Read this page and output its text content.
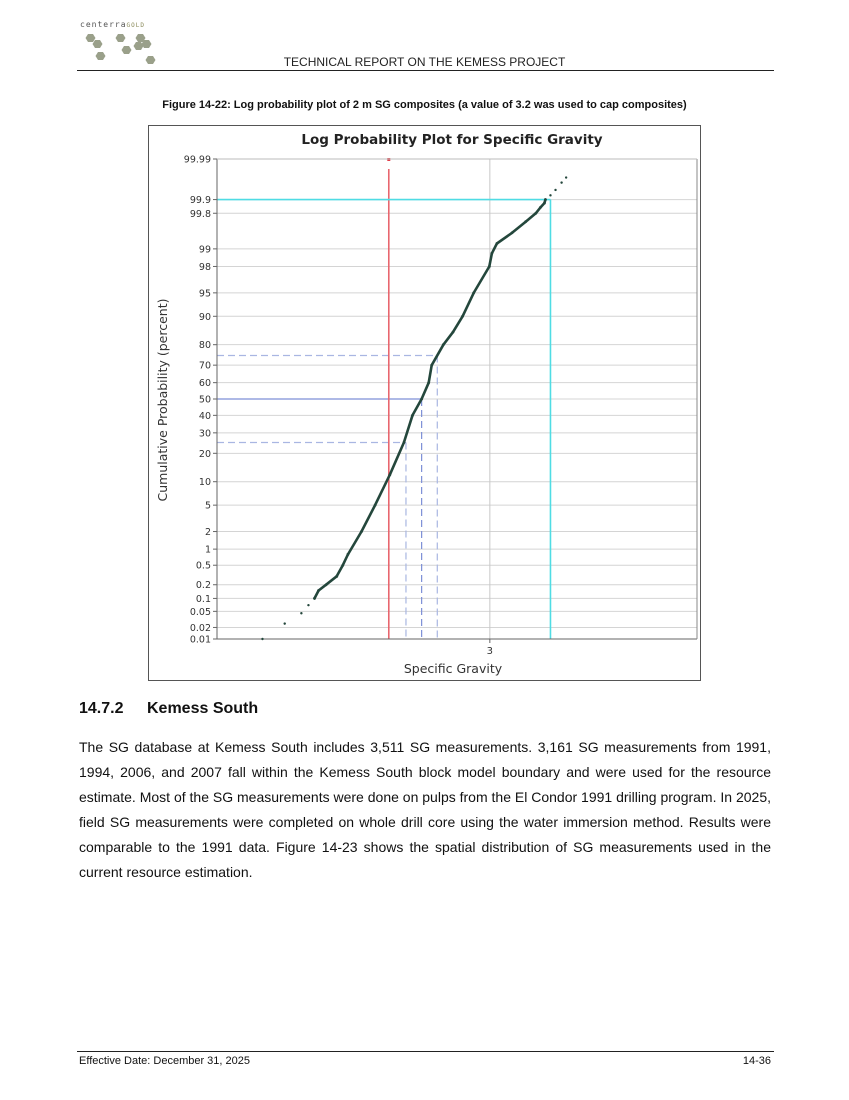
centerraGOLD
TECHNICAL REPORT ON THE KEMESS PROJECT
Figure 14-22: Log probability plot of 2 m SG composites (a value of 3.2 was used to cap composites)
Log Probability Plot for Specific Gravity
Specific Gravity
Cumulative Probability (percent)
0.01
0.02
0.05
0.1
0.2
0.5
1
2
5
10
20
30
40
50
60
70
80
90
95
98
99
99.8
99.9
99.99
3
14.7.2 Kemess South
The SG database at Kemess South includes 3,511 SG measurements. 3,161 SG measurements from 1991, 1994, 2006, and 2007 fall within the Kemess South block model boundary and were used for the resource estimate. Most of the SG measurements were done on pulps from the El Condor 1991 drilling program. In 2025, field SG measurements were completed on whole drill core using the water immersion method. Results were comparable to the 1991 data. Figure 14-23 shows the spatial distribution of SG measurements used in the current resource estimation.
Effective Date: December 31, 2025	14-36
